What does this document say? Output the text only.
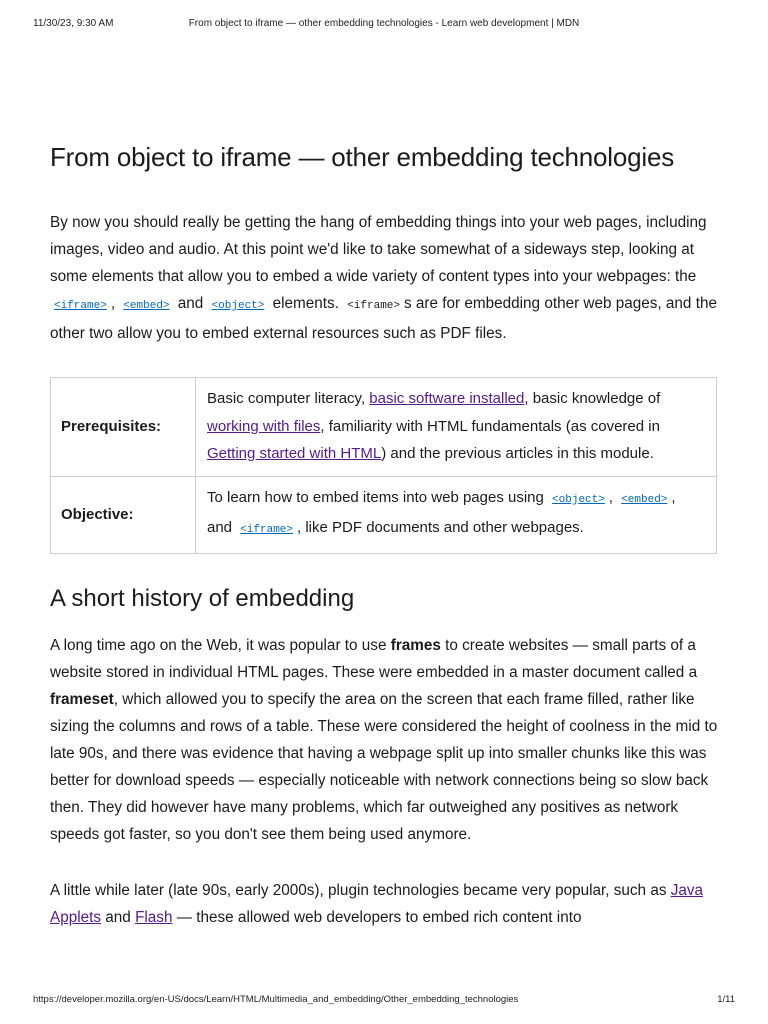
11/30/23, 9:30 AM	From object to iframe — other embedding technologies - Learn web development | MDN
From object to iframe — other embedding technologies

By now you should really be getting the hang of embedding things into your web pages, including images, video and audio. At this point we'd like to take somewhat of a sideways step, looking at some elements that allow you to embed a wide variety of content types into your webpages: the <iframe> , <embed> and <object> elements. <iframe> s are for embedding other web pages, and the other two allow you to embed external resources such as PDF files.

Prerequisites:	Basic computer literacy, basic software installed, basic knowledge of working with files, familiarity with HTML fundamentals (as covered in Getting started with HTML) and the previous articles in this module.
Objective:	To learn how to embed items into web pages using <object> , <embed> , and <iframe> , like PDF documents and other webpages.
A short history of embedding

A long time ago on the Web, it was popular to use frames to create websites — small parts of a website stored in individual HTML pages. These were embedded in a master document called a frameset, which allowed you to specify the area on the screen that each frame filled, rather like sizing the columns and rows of a table. These were considered the height of coolness in the mid to late 90s, and there was evidence that having a webpage split up into smaller chunks like this was better for download speeds — especially noticeable with network connections being so slow back then. They did however have many problems, which far outweighed any positives as network speeds got faster, so you don't see them being used anymore.

A little while later (late 90s, early 2000s), plugin technologies became very popular, such as Java Applets and Flash — these allowed web developers to embed rich content into

https://developer.mozilla.org/en-US/docs/Learn/HTML/Multimedia_and_embedding/Other_embedding_technologies	1/11
